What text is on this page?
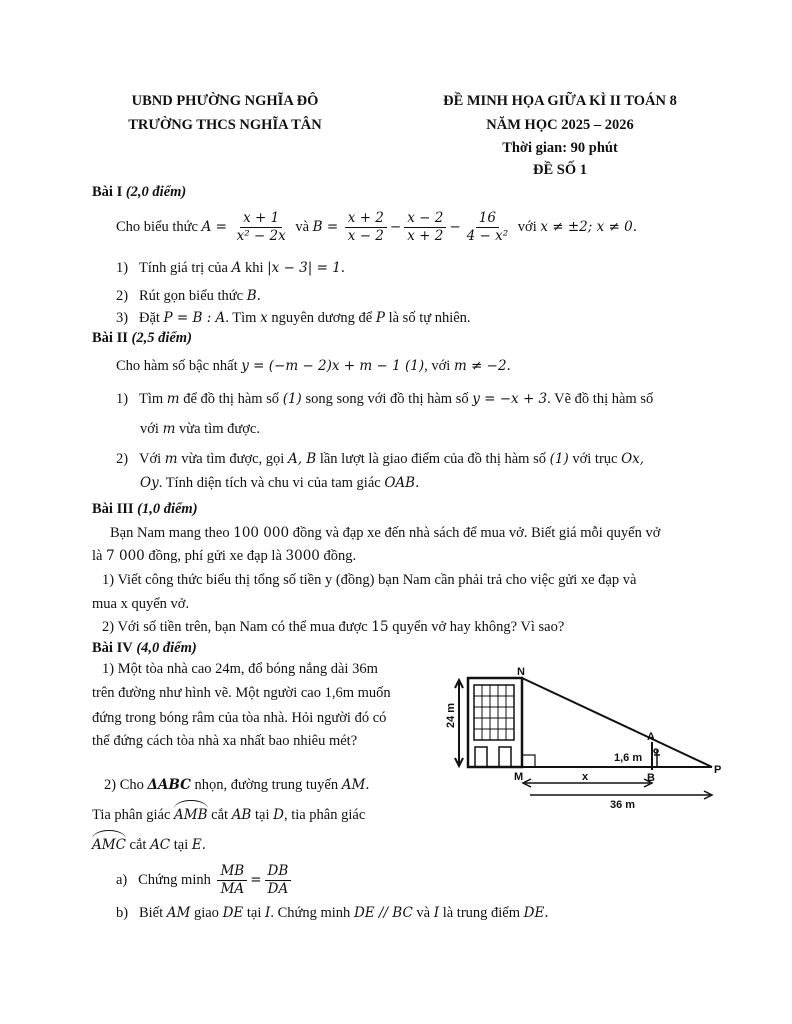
UBND PHƯỜNG NGHĨA ĐÔ
TRƯỜNG THCS NGHĨA TÂN
ĐỀ MINH HỌA GIỮA KÌ II TOÁN 8
NĂM HỌC 2025 – 2026
Thời gian: 90 phút
ĐỀ SỐ 1
Bài I (2,0 điểm)
Cho biểu thức $A = \frac{x + 1}{\text{x² − 2x}}$ và $B = \frac{x + 2}{x - 2} - \frac{x - 2}{x + 2} - \frac{16}{\text{4 − x²}}$ với x ≠ ±2; x ≠ 0.
1) Tính giá trị của A khi |x − 3| = 1.
2) Rút gọn biểu thức B.
3) Đặt P = B : A. Tìm x nguyên dương để P là số tự nhiên.
Bài II (2,5 điểm)
Cho hàm số bậc nhất y = (−m − 2)x + m − 1 (1), với m ≠ −2.
1) Tìm m để đồ thị hàm số (1) song song với đồ thị hàm số y = −x + 3. Vẽ đồ thị hàm số
với m vừa tìm được.
2) Với m vừa tìm được, gọi A, B lần lượt là giao điểm của đồ thị hàm số (1) với trục Ox,
Oy. Tính diện tích và chu vi của tam giác OAB.
Bài III (1,0 điểm)
Bạn Nam mang theo 100 000 đồng và đạp xe đến nhà sách để mua vở. Biết giá mỗi quyển vở
là 7 000 đồng, phí gửi xe đạp là 3000 đồng.
1) Viết công thức biểu thị tổng số tiền y (đồng) bạn Nam cần phải trả cho việc gửi xe đạp và
mua x quyển vở.
2) Với số tiền trên, bạn Nam có thể mua được 15 quyển vở hay không? Vì sao?
Bài IV (4,0 điểm)
1) Một tòa nhà cao 24m, đổ bóng nắng dài 36m
trên đường như hình vẽ. Một người cao 1,6m muốn
đứng trong bóng râm của tòa nhà. Hỏi người đó có
thể đứng cách tòa nhà xa nhất bao nhiêu mét?
2) Cho ΔABC nhọn, đường trung tuyến AM.
Tia phân giác AMB cắt AB tại D, tia phân giác
AMC cắt AC tại E.
a) Chứng minh $\frac{MB}{MA} = \frac{DB}{DA}$
b) Biết AM giao DE tại I. Chứng minh DE // BC và I là trung điểm DE.
N
M
A
B
P
24 m
1,6 m
x
36 m
